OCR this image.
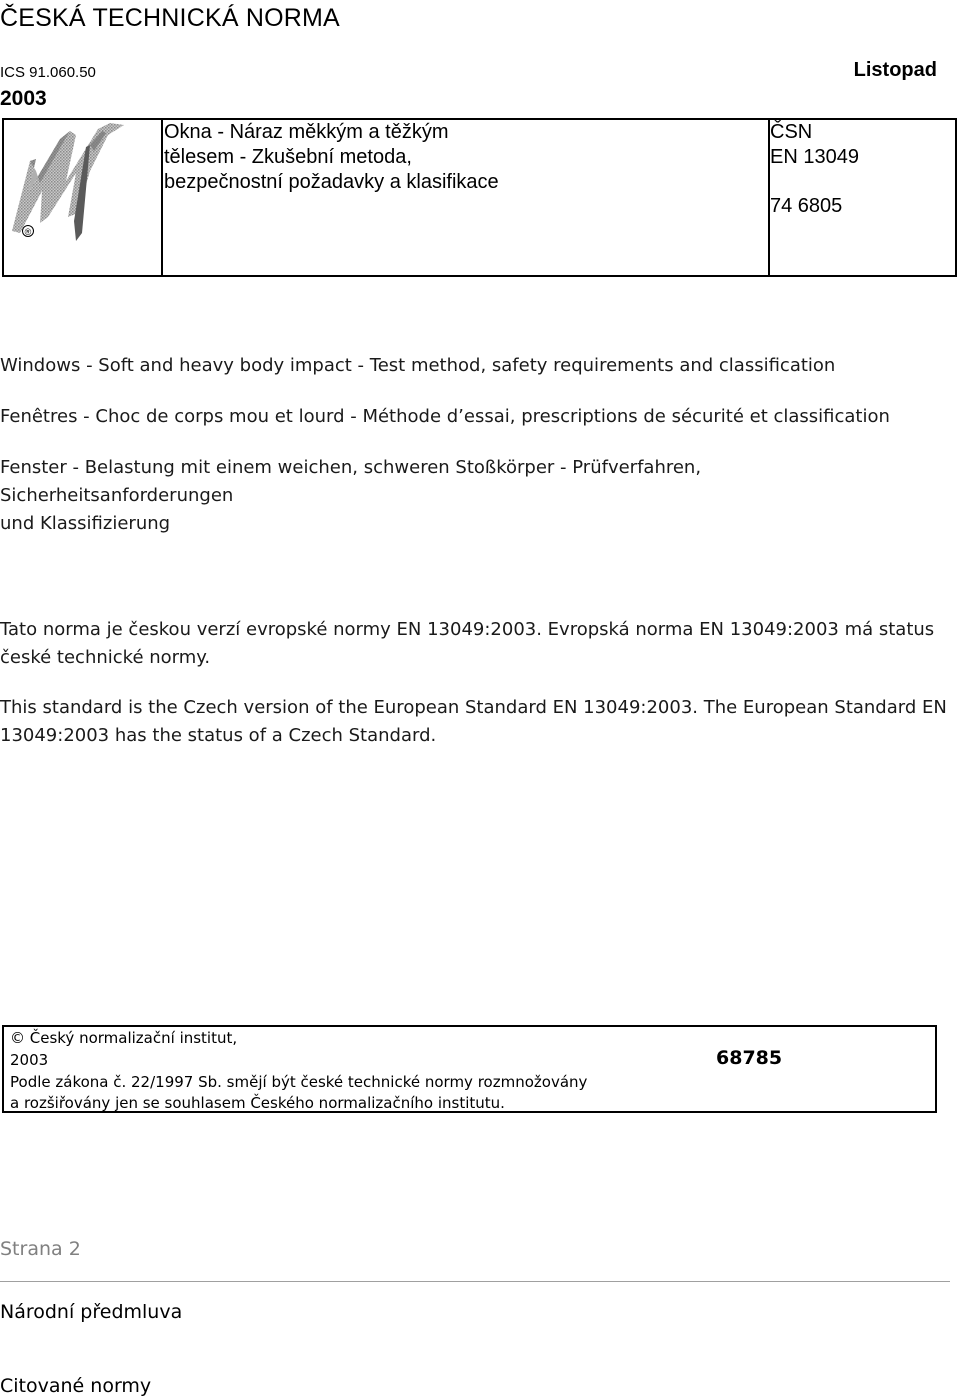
ČESKÁ TECHNICKÁ NORMA
ICS 91.060.50	Listopad
2003
®
Okna - Náraz měkkým a těžkým
tělesem - Zkušební metoda,
bezpečnostní požadavky a klasifikace
ČSN
EN 13049
74 6805
Windows - Soft and heavy body impact - Test method, safety requirements and classification
Fenêtres - Choc de corps mou et lourd - Méthode d’essai, prescriptions de sécurité et classification
Fenster - Belastung mit einem weichen, schweren Stoßkörper - Prüfverfahren,
Sicherheitsanforderungen
und Klassifizierung
Tato norma je českou verzí evropské normy EN 13049:2003. Evropská norma EN 13049:2003 má status české technické normy.
This standard is the Czech version of the European Standard EN 13049:2003. The European Standard EN 13049:2003 has the status of a Czech Standard.
© Český normalizační institut,
2003
Podle zákona č. 22/1997 Sb. smějí být české technické normy rozmnožovány
a rozšiřovány jen se souhlasem Českého normalizačního institutu.
68785
Strana 2
Národní předmluva
Citované normy
